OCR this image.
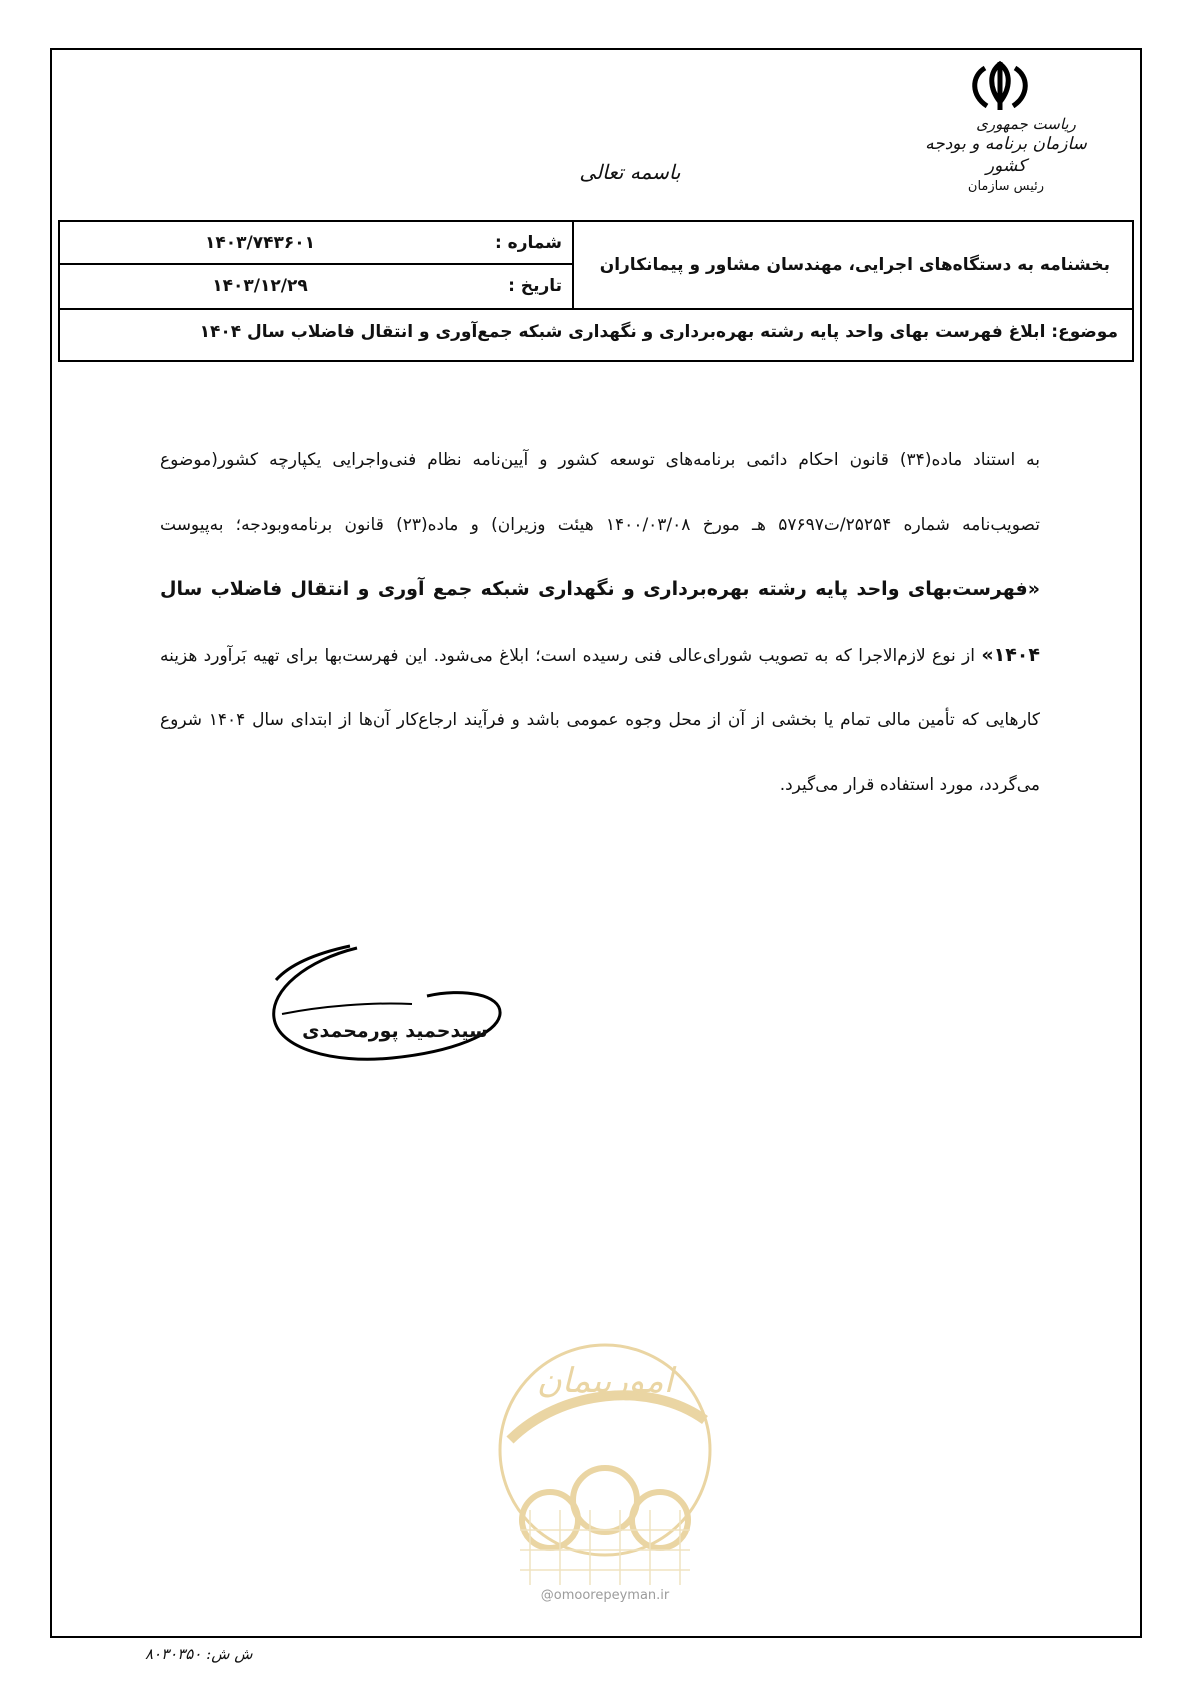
ریاست جمهوری
سازمان برنامه و بودجه کشور
رئیس سازمان
باسمه تعالی
بخشنامه به دستگاه‌های اجرایی، مهندسان مشاور و پیمانکاران
شماره :
۱۴۰۳/۷۴۳۶۰۱
تاریخ :
۱۴۰۳/۱۲/۲۹
موضوع: ابلاغ فهرست بهای واحد پایه رشته بهره‌برداری و نگهداری شبکه جمع‌آوری و انتقال فاضلاب سال ۱۴۰۴
به استناد ماده(۳۴) قانون احکام دائمی برنامه‌های توسعه کشور و آیین‌نامه نظام فنی‌واجرایی یکپارچه کشور(موضوع تصویب‌نامه شماره ۲۵۲۵۴/ت۵۷۶۹۷ هـ مورخ ۱۴۰۰/۰۳/۰۸ هیئت وزیران) و ماده(۲۳) قانون برنامه‌وبودجه؛ به‌پیوست «فهرست‌بهای واحد پایه رشته بهره‌برداری و نگهداری شبکه جمع آوری و انتقال فاضلاب سال ۱۴۰۴» از نوع لازم‌الاجرا که به تصویب شورای‌عالی فنی رسیده است؛ ابلاغ می‌شود. این فهرست‌بها برای تهیه بَرآورد هزینه کارهایی که تأمین مالی تمام یا بخشی از آن از محل وجوه عمومی باشد و فرآیند ارجاع‌کار آن‌ها از ابتدای سال ۱۴۰۴ شروع می‌گردد، مورد استفاده قرار می‌گیرد.
سیدحمید پورمحمدی
امورپیمان
@omoorepeyman.ir
ش ش: ۸۰۳۰۳۵۰
